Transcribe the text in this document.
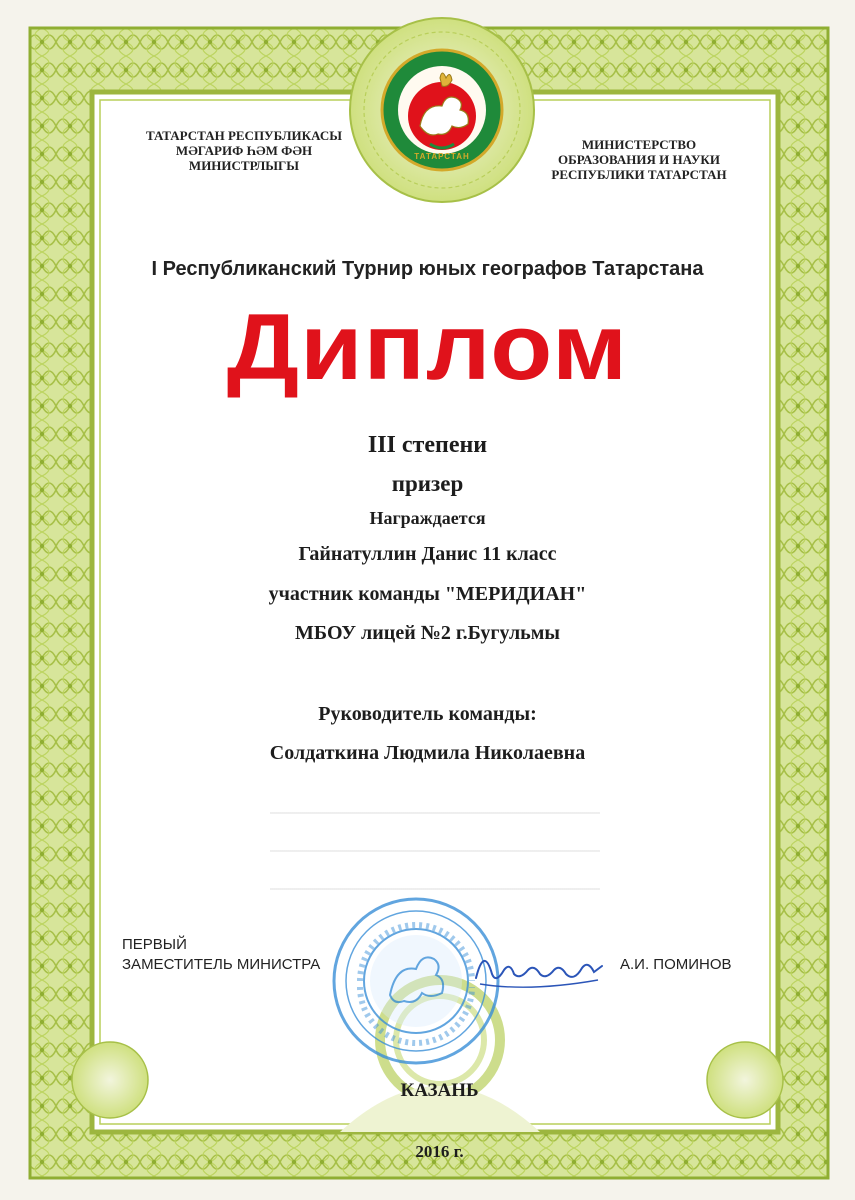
ТАТАРСТАН
ТАТАРСТАН РЕСПУБЛИКАСЫ
МӘГАРИФ ҺӘМ ФӘН
МИНИСТРЛЫГЫ
МИНИСТЕРСТВО
ОБРАЗОВАНИЯ И НАУКИ
РЕСПУБЛИКИ ТАТАРСТАН
I Республиканский Турнир юных географов Татарстана
Диплом
III степени
призер
Награждается
Гайнатуллин Данис 11 класс
участник команды "МЕРИДИАН"
МБОУ лицей №2 г.Бугульмы
Руководитель команды:
Солдаткина Людмила Николаевна
ПЕРВЫЙ
ЗАМЕСТИТЕЛЬ МИНИСТРА	А.И. ПОМИНОВ
КАЗАНЬ
2016 г.
